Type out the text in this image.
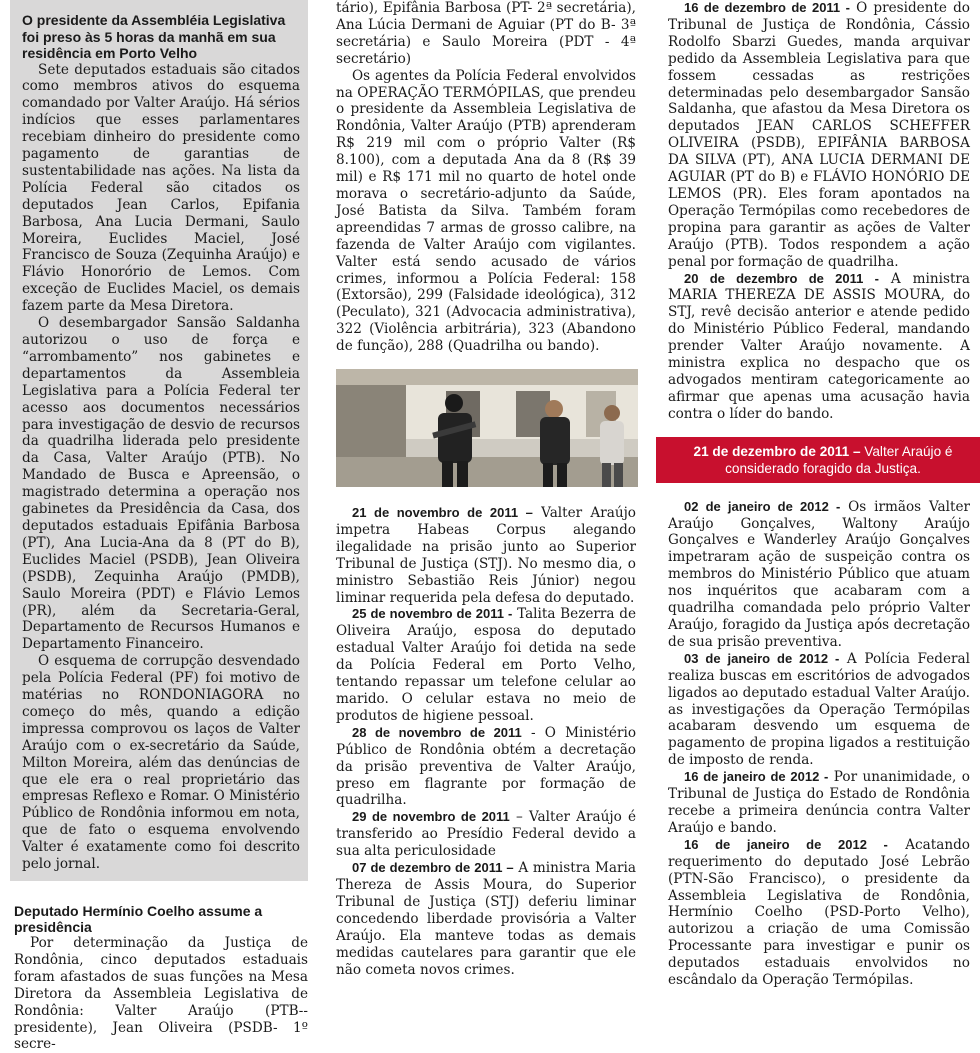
O presidente da Assembléia Legislativa foi preso às 5 horas da manhã em sua residência em Porto Velho

Sete deputados estaduais são citados como membros ativos do esquema comandado por Valter Araújo. Há sérios indícios que esses parlamentares recebiam dinheiro do presidente como pagamento de garantias de sustentabilidade nas ações. Na lista da Polícia Federal são citados os deputados Jean Carlos, Epifania Barbosa, Ana Lucia Dermani, Saulo Moreira, Euclides Maciel, José Francisco de Souza (Zequinha Araújo) e Flávio Honorório de Lemos. Com exceção de Euclides Maciel, os demais fazem parte da Mesa Diretora.

O desembargador Sansão Saldanha autorizou o uso de força e “arrombamento” nos gabinetes e departamentos da Assembleia Legislativa para a Polícia Federal ter acesso aos documentos necessários para investigação de desvio de recursos da quadrilha liderada pelo presidente da Casa, Valter Araújo (PTB). No Mandado de Busca e Apreensão, o magistrado determina a operação nos gabinetes da Presidência da Casa, dos deputados estaduais Epifânia Barbosa (PT), Ana Lucia-Ana da 8 (PT do B), Euclides Maciel (PSDB), Jean Oliveira (PSDB), Zequinha Araújo (PMDB), Saulo Moreira (PDT) e Flávio Lemos (PR), além da Secretaria-Geral, Departamento de Recursos Humanos e Departamento Financeiro.

O esquema de corrupção desvendado pela Polícia Federal (PF) foi motivo de matérias no RONDONIAGORA no começo do mês, quando a edição impressa comprovou os laços de Valter Araújo com o ex-secretário da Saúde, Milton Moreira, além das denúncias de que ele era o real proprietário das empresas Reflexo e Romar. O Ministério Público de Rondônia informou em nota, que de fato o esquema envolvendo Valter é exatamente como foi descrito pelo jornal.

Deputado Hermínio Coelho assume a presidência

Por determinação da Justiça de Rondônia, cinco deputados estaduais foram afastados de suas funções na Mesa Diretora da Assembleia Legislativa de Rondônia: Valter Araújo (PTB--presidente), Jean Oliveira (PSDB- 1º secre-

tário), Epifânia Barbosa (PT- 2ª secretária), Ana Lúcia Dermani de Aguiar (PT do B- 3ª secretária) e Saulo Moreira (PDT - 4ª secretário)

Os agentes da Polícia Federal envolvidos na OPERAÇÃO TERMÓPILAS, que prendeu o presidente da Assembleia Legislativa de Rondônia, Valter Araújo (PTB) aprenderam R$ 219 mil com o próprio Valter (R$ 8.100), com a deputada Ana da 8 (R$ 39 mil) e R$ 171 mil no quarto de hotel onde morava o secretário-adjunto da Saúde, José Batista da Silva. Também foram apreendidas 7 armas de grosso calibre, na fazenda de Valter Araújo com vigilantes. Valter está sendo acusado de vários crimes, informou a Polícia Federal: 158 (Extorsão), 299 (Falsidade ideológica), 312 (Peculato), 321 (Advocacia administrativa), 322 (Violência arbitrária), 323 (Abandono de função), 288 (Quadrilha ou bando).

21 de novembro de 2011 – Valter Araújo impetra Habeas Corpus alegando ilegalidade na prisão junto ao Superior Tribunal de Justiça (STJ). No mesmo dia, o ministro Sebastião Reis Júnior) negou liminar requerida pela defesa do deputado.

25 de novembro de 2011 - Talita Bezerra de Oliveira Araújo, esposa do deputado estadual Valter Araújo foi detida na sede da Polícia Federal em Porto Velho, tentando repassar um telefone celular ao marido. O celular estava no meio de produtos de higiene pessoal.

28 de novembro de 2011 - O Ministério Público de Rondônia obtém a decretação da prisão preventiva de Valter Araújo, preso em flagrante por formação de quadrilha.

29 de novembro de 2011 – Valter Araújo é transferido ao Presídio Federal devido a sua alta periculosidade

07 de dezembro de 2011 – A ministra Maria Thereza de Assis Moura, do Superior Tribunal de Justiça (STJ) deferiu liminar concedendo liberdade provisória a Valter Araújo. Ela manteve todas as demais medidas cautelares para garantir que ele não cometa novos crimes.

16 de dezembro de 2011 - O presidente do Tribunal de Justiça de Rondônia, Cássio Rodolfo Sbarzi Guedes, manda arquivar pedido da Assembleia Legislativa para que fossem cessadas as restrições determinadas pelo desembargador Sansão Saldanha, que afastou da Mesa Diretora os deputados JEAN CARLOS SCHEFFER OLIVEIRA (PSDB), EPIFÂNIA BARBOSA DA SILVA (PT), ANA LUCIA DERMANI DE AGUIAR (PT do B) e FLÁVIO HONÓRIO DE LEMOS (PR). Eles foram apontados na Operação Termópilas como recebedores de propina para garantir as ações de Valter Araújo (PTB). Todos respondem a ação penal por formação de quadrilha.

20 de dezembro de 2011 - A ministra MARIA THEREZA DE ASSIS MOURA, do STJ, revê decisão anterior e atende pedido do Ministério Público Federal, mandando prender Valter Araújo novamente. A ministra explica no despacho que os advogados mentiram categoricamente ao afirmar que apenas uma acusação havia contra o líder do bando.

21 de dezembro de 2011 – Valter Araújo é considerado foragido da Justiça.

02 de janeiro de 2012 - Os irmãos Valter Araújo Gonçalves, Waltony Araújo Gonçalves e Wanderley Araújo Gonçalves impetraram ação de suspeição contra os membros do Ministério Público que atuam nos inquéritos que acabaram com a quadrilha comandada pelo próprio Valter Araújo, foragido da Justiça após decretação de sua prisão preventiva.

03 de janeiro de 2012 - A Polícia Federal realiza buscas em escritórios de advogados ligados ao deputado estadual Valter Araújo. as investigações da Operação Termópilas acabaram desvendo um esquema de pagamento de propina ligados a restituição de imposto de renda.

16 de janeiro de 2012 - Por unanimidade, o Tribunal de Justiça do Estado de Rondônia recebe a primeira denúncia contra Valter Araújo e bando.

16 de janeiro de 2012 - Acatando requerimento do deputado José Lebrão (PTN-São Francisco), o presidente da Assembleia Legislativa de Rondônia, Hermínio Coelho (PSD-Porto Velho), autorizou a criação de uma Comissão Processante para investigar e punir os deputados estaduais envolvidos no escândalo da Operação Termópilas.
